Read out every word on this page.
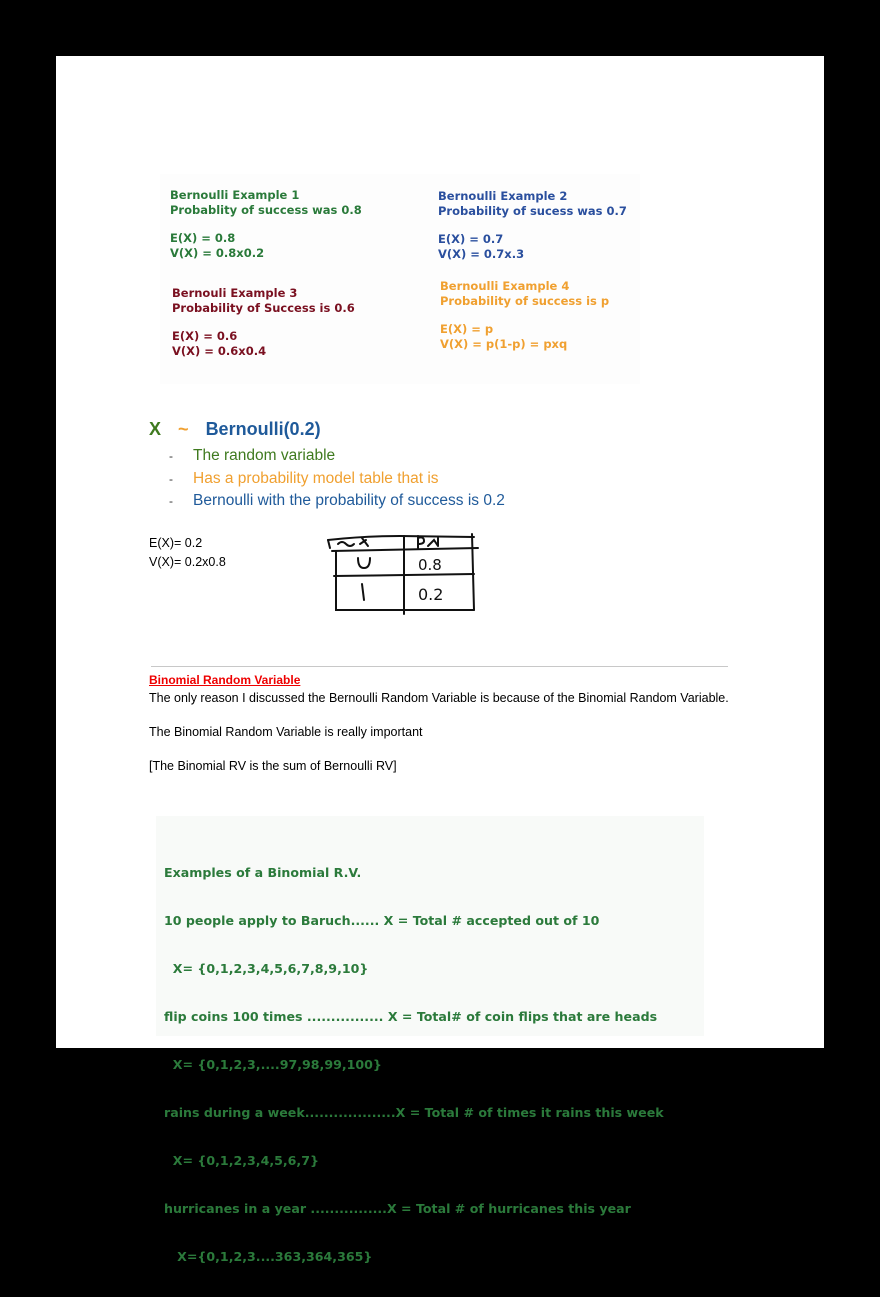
Bernoulli Example 1
Probablity of success was 0.8
E(X) = 0.8
V(X) = 0.8x0.2
Bernoulli Example 2
Probability of sucess was 0.7
E(X) = 0.7
V(X) = 0.7x.3
Bernouli Example 3
Probability of Success is 0.6
E(X) = 0.6
V(X) = 0.6x0.4
Bernoulli Example 4
Probability of success is p
E(X) = p
V(X) = p(1-p) = pxq
X ~ Bernoulli(0.2)
- The random variable
- Has a probability model table that is
- Bernoulli with the probability of success is 0.2
E(X)= 0.2
V(X)= 0.2x0.8	0.8
0.2
Binomial Random Variable
The only reason I discussed the Bernoulli Random Variable is because of the Binomial Random Variable.
The Binomial Random Variable is really important
[The Binomial RV is the sum of Bernoulli RV]

Examples of a Binomial R.V.

10 people apply to Baruch...... X = Total # accepted out of 10

X= {0,1,2,3,4,5,6,7,8,9,10}

flip coins 100 times ................ X = Total# of coin flips that are heads

X= {0,1,2,3,....97,98,99,100}

rains during a week...................X = Total # of times it rains this week

X= {0,1,2,3,4,5,6,7}

hurricanes in a year ................X = Total # of hurricanes this year

X={0,1,2,3....363,364,365}
